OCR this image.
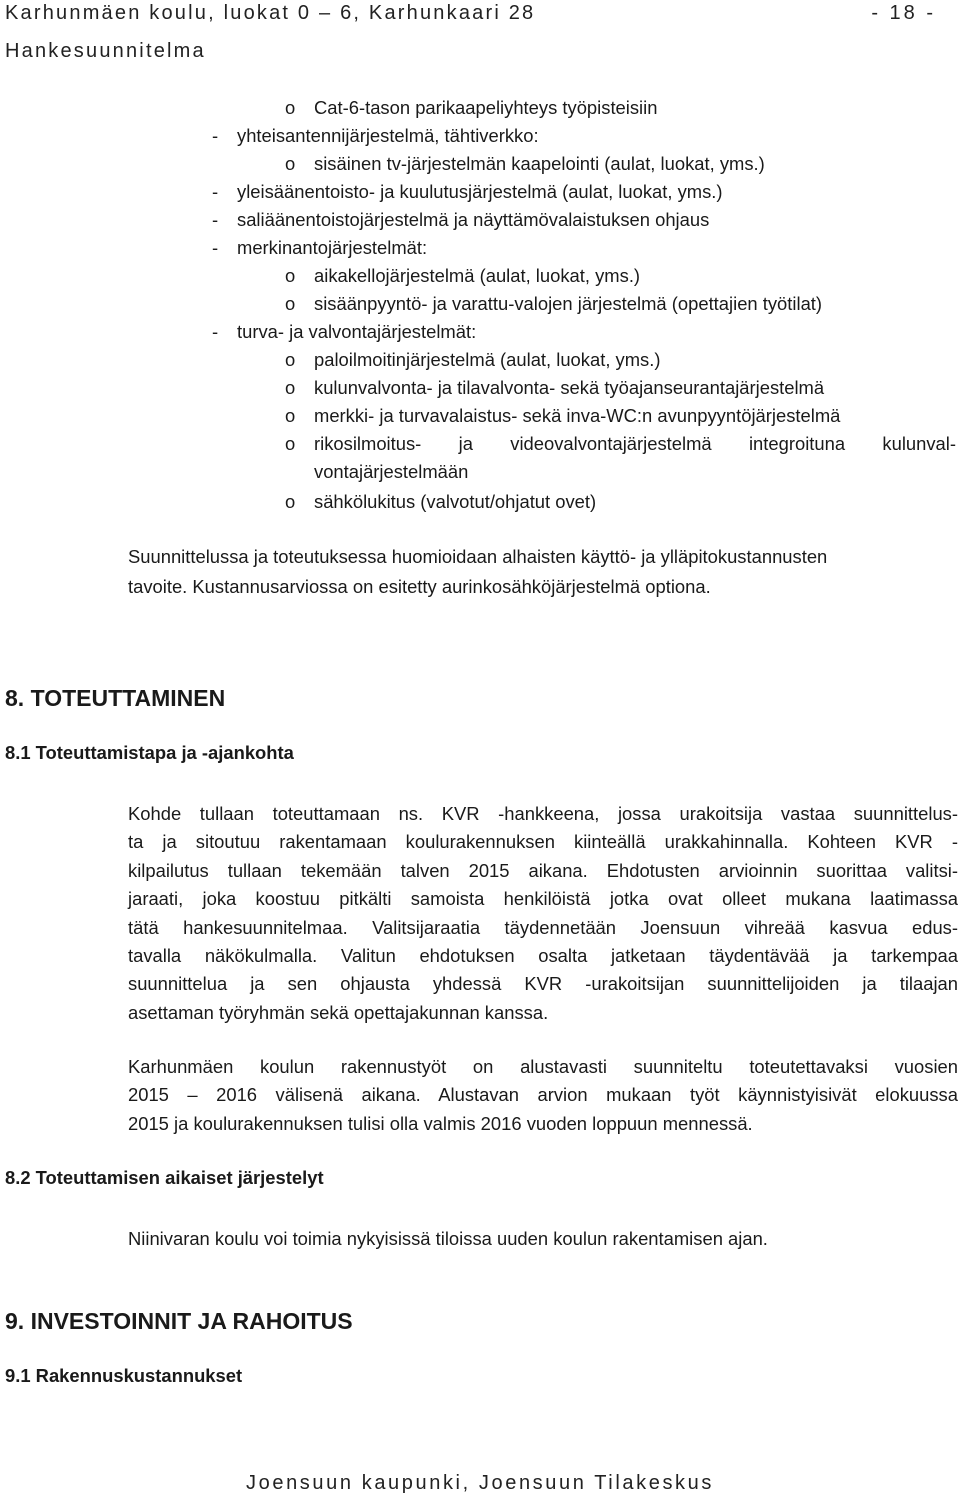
Karhunmäen koulu, luokat 0 – 6, Karhunkaari 28	- 18 -
Hankesuunnitelma
o Cat-6-tason parikaapeliyhteys työpisteisiin
- yhteisantennijärjestelmä, tähtiverkko:
o sisäinen tv-järjestelmän kaapelointi (aulat, luokat, yms.)
- yleisäänentoisto- ja kuulutusjärjestelmä (aulat, luokat, yms.)
- saliäänentoistojärjestelmä ja näyttämövalaistuksen ohjaus
- merkinantojärjestelmät:
o aikakellojärjestelmä (aulat, luokat, yms.)
o sisäänpyyntö- ja varattu-valojen järjestelmä (opettajien työtilat)
- turva- ja valvontajärjestelmät:
o paloilmoitinjärjestelmä (aulat, luokat, yms.)
o kulunvalvonta- ja tilavalvonta- sekä työajanseurantajärjestelmä
o merkki- ja turvavalaistus- sekä inva-WC:n avunpyyntöjärjestelmä
o rikosilmoitus- ja videovalvontajärjestelmä integroituna kulunval-
vontajärjestelmään
o sähkölukitus (valvotut/ohjatut ovet)
Suunnittelussa ja toteutuksessa huomioidaan alhaisten käyttö- ja ylläpitokustannusten
tavoite. Kustannusarviossa on esitetty aurinkosähköjärjestelmä optiona.
8. TOTEUTTAMINEN
8.1 Toteuttamistapa ja -ajankohta
Kohde tullaan toteuttamaan ns. KVR -hankkeena, jossa urakoitsija vastaa suunnittelus-
ta ja sitoutuu rakentamaan koulurakennuksen kiinteällä urakkahinnalla. Kohteen KVR -
kilpailutus tullaan tekemään talven 2015 aikana. Ehdotusten arvioinnin suorittaa valitsi-
jaraati, joka koostuu pitkälti samoista henkilöistä jotka ovat olleet mukana laatimassa
tätä hankesuunnitelmaa. Valitsijaraatia täydennetään Joensuun vihreää kasvua edus-
tavalla näkökulmalla. Valitun ehdotuksen osalta jatketaan täydentävää ja tarkempaa
suunnittelua ja sen ohjausta yhdessä KVR -urakoitsijan suunnittelijoiden ja tilaajan
asettaman työryhmän sekä opettajakunnan kanssa.
Karhunmäen koulun rakennustyöt on alustavasti suunniteltu toteutettavaksi vuosien
2015 – 2016 välisenä aikana. Alustavan arvion mukaan työt käynnistyisivät elokuussa
2015 ja koulurakennuksen tulisi olla valmis 2016 vuoden loppuun mennessä.
8.2 Toteuttamisen aikaiset järjestelyt
Niinivaran koulu voi toimia nykyisissä tiloissa uuden koulun rakentamisen ajan.
9. INVESTOINNIT JA RAHOITUS
9.1 Rakennuskustannukset
Joensuun kaupunki, Joensuun Tilakeskus
